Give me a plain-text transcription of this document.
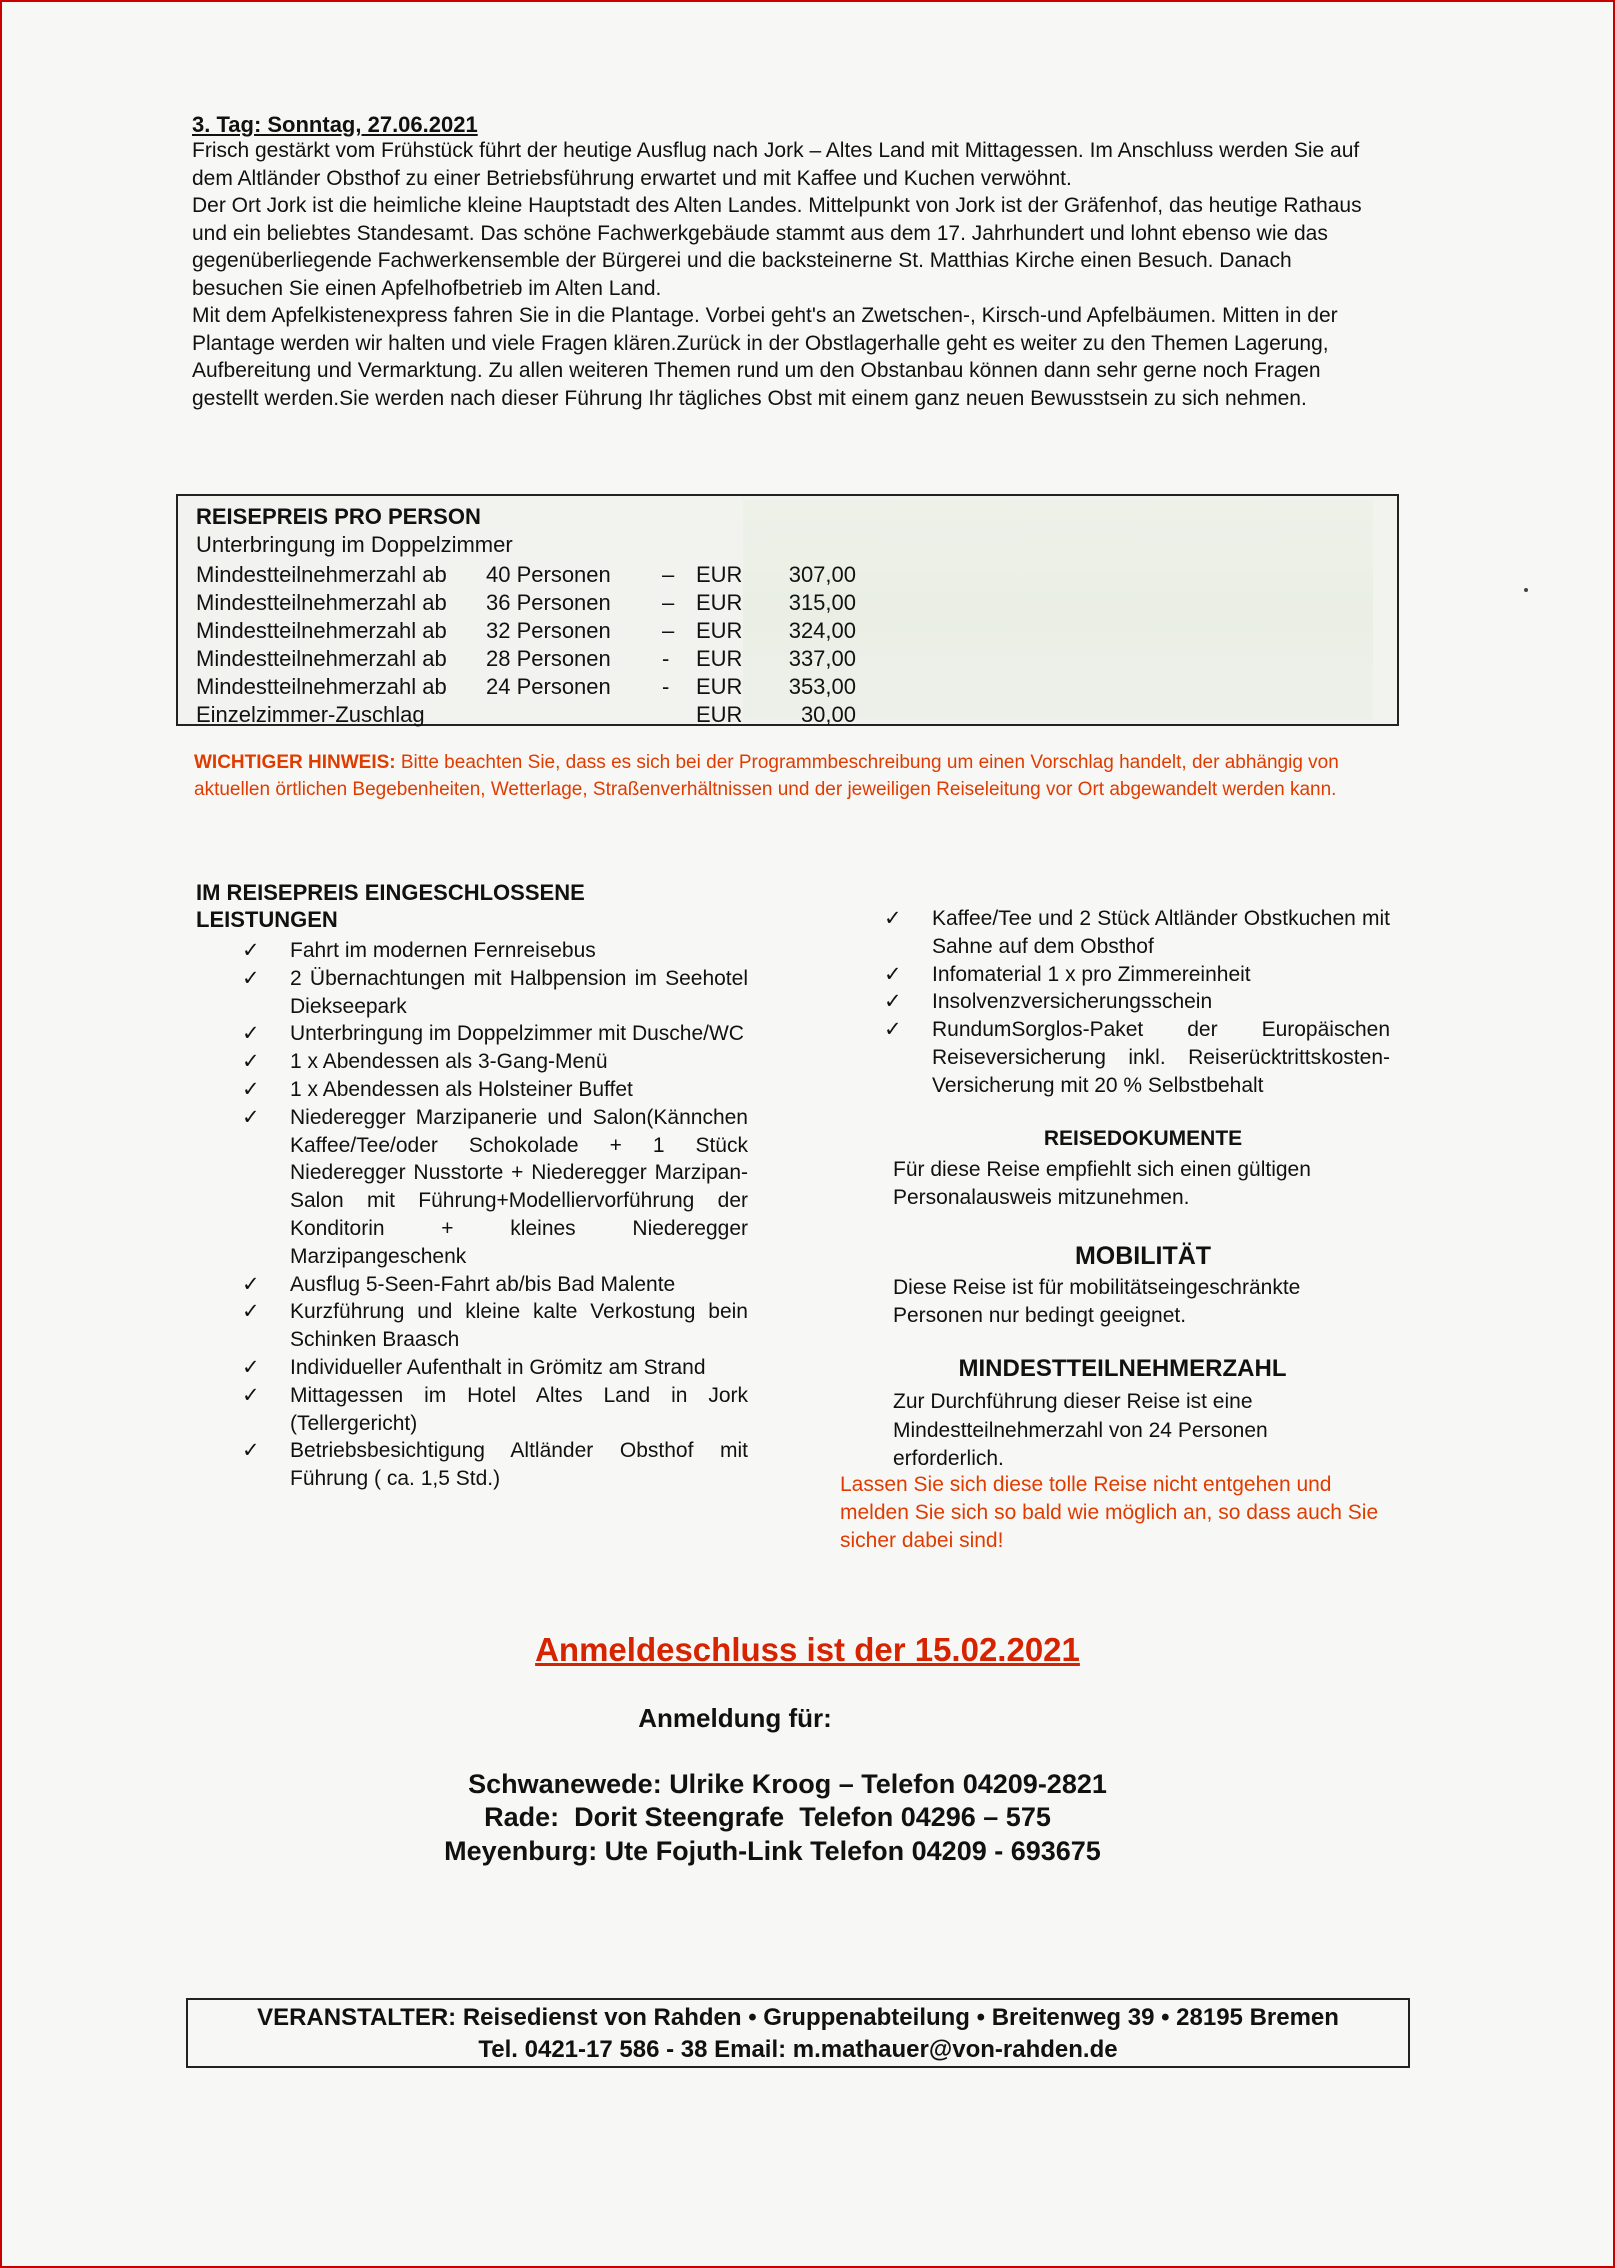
3. Tag: Sonntag, 27.06.2021
Frisch gestärkt vom Frühstück führt der heutige Ausflug nach Jork – Altes Land mit Mittagessen. Im Anschluss werden Sie auf dem Altländer Obsthof zu einer Betriebsführung erwartet und mit Kaffee und Kuchen verwöhnt.
Der Ort Jork ist die heimliche kleine Hauptstadt des Alten Landes. Mittelpunkt von Jork ist der Gräfenhof, das heutige Rathaus und ein beliebtes Standesamt. Das schöne Fachwerkgebäude stammt aus dem 17. Jahrhundert und lohnt ebenso wie das gegenüberliegende Fachwerkensemble der Bürgerei und die backsteinerne St. Matthias Kirche einen Besuch. Danach besuchen Sie einen Apfelhofbetrieb im Alten Land.
Mit dem Apfelkistenexpress fahren Sie in die Plantage. Vorbei geht's an Zwetschen-, Kirsch-und Apfelbäumen. Mitten in der Plantage werden wir halten und viele Fragen klären.Zurück in der Obstlagerhalle geht es weiter zu den Themen Lagerung, Aufbereitung und Vermarktung. Zu allen weiteren Themen rund um den Obstanbau können dann sehr gerne noch Fragen gestellt werden.Sie werden nach dieser Führung Ihr tägliches Obst mit einem ganz neuen Bewusstsein zu sich nehmen.
REISEPREIS PRO PERSON
Unterbringung im Doppelzimmer
Mindestteilnehmerzahl ab 40 Personen – EUR	307,00
Mindestteilnehmerzahl ab 36 Personen – EUR	315,00
Mindestteilnehmerzahl ab 32 Personen – EUR	324,00
Mindestteilnehmerzahl ab 28 Personen - EUR	337,00
Mindestteilnehmerzahl ab 24 Personen - EUR	353,00
Einzelzimmer-Zuschlag	EUR	30,00
WICHTIGER HINWEIS: Bitte beachten Sie, dass es sich bei der Programmbeschreibung um einen Vorschlag handelt, der abhängig von aktuellen örtlichen Begebenheiten, Wetterlage, Straßenverhältnissen und der jeweiligen Reiseleitung vor Ort abgewandelt werden kann.
IM REISEPREIS EINGESCHLOSSENE LEISTUNGEN
✓ Fahrt im modernen Fernreisebus
✓ 2 Übernachtungen mit Halbpension im Seehotel Diekseepark
✓ Unterbringung im Doppelzimmer mit Dusche/WC
✓ 1 x Abendessen als 3-Gang-Menü
✓ 1 x Abendessen als Holsteiner Buffet
✓ Niederegger Marzipanerie und Salon(Kännchen Kaffee/Tee/oder Schokolade + 1 Stück Niederegger Nusstorte + Niederegger Marzipan-Salon mit Führung+Modelliervorführung der Konditorin + kleines Niederegger Marzipangeschenk
✓ Ausflug 5-Seen-Fahrt ab/bis Bad Malente
✓ Kurzführung und kleine kalte Verkostung bein Schinken Braasch
✓ Individueller Aufenthalt in Grömitz am Strand
✓ Mittagessen im Hotel Altes Land in Jork (Tellergericht)
✓ Betriebsbesichtigung Altländer Obsthof mit Führung ( ca. 1,5 Std.)
✓ Kaffee/Tee und 2 Stück Altländer Obstkuchen mit Sahne auf dem Obsthof
✓ Infomaterial 1 x pro Zimmereinheit
✓ Insolvenzversicherungsschein
✓ RundumSorglos-Paket der Europäischen Reiseversicherung inkl. Reiserücktrittskosten-Versicherung mit 20 % Selbstbehalt
REISEDOKUMENTE
Für diese Reise empfiehlt sich einen gültigen Personalausweis mitzunehmen.
MOBILITÄT
Diese Reise ist für mobilitätseingeschränkte Personen nur bedingt geeignet.
MINDESTTEILNEHMERZAHL
Zur Durchführung dieser Reise ist eine Mindestteilnehmerzahl von 24 Personen erforderlich.
Lassen Sie sich diese tolle Reise nicht entgehen und melden Sie sich so bald wie möglich an, so dass auch Sie sicher dabei sind!
Anmeldeschluss ist der 15.02.2021
Anmeldung für:
Schwanewede: Ulrike Kroog – Telefon 04209-2821
Rade:  Dorit Steengrafe  Telefon 04296 – 575
Meyenburg: Ute Fojuth-Link Telefon 04209 - 693675
VERANSTALTER: Reisedienst von Rahden • Gruppenabteilung • Breitenweg 39 • 28195 Bremen
Tel. 0421-17 586 - 38 Email: m.mathauer@von-rahden.de
